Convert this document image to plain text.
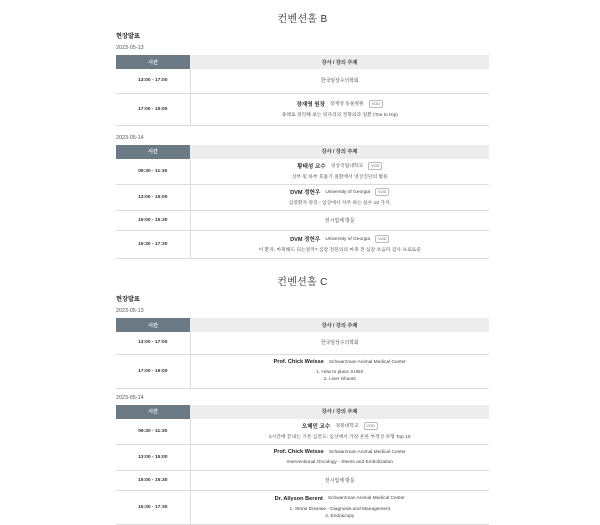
컨벤션홀 B
현장발표
2023-05-13
시간	강사 / 강의 주제
13:00 - 17:00	한국임상수의학회
17:00 - 19:00	장재영 원장 장재영 동물병원 VOD
종례로 정리해 보는 뒷다리의 정형외과 질환 (Toe to Hip)
2023-05-14
시간	강사 / 강의 주제
09:30 - 11:30	황태성 교수 경상국립대학교 VOD
상부 및 하부 호흡기 질환에서 영상진단의 활용

13:00 - 15:00	DVM 정헌우 University of Georgia VOD
심장환자 관리 - 임상에서 자주 하는 실수 10 가지.

15:00 - 15:30	전시업체 방문
15:30 - 17:30	DVM 정헌우 University of Georgia VOD
이 환자, 마취해도 되는걸까? 심장 전문의의 마취 전 심장 초음파 검사 프로토콜
컨벤션홀 C
현장발표
2023-05-13
시간	강사 / 강의 주제
13:00 - 17:00	한국임상수의학회
17:00 - 19:00	Prof. Chick Weisse Schwarzman Animal Medical Center
1. How to place SUBS
2. Liver Shunts
2023-05-14
시간	강사 / 강의 주제
09:30 - 11:30	오혜민 교수 경북대학교 VOD
2시간에 끝내는 기본 심전도: 임상에서 가장 흔한 부정상 파형 Top 10

13:00 - 15:00	Prof. Chick Weisse Schwarzman Animal Medical Center
Interventional Oncology - Stents and Embolization

15:00 - 15:30	전시업체 방문
15:30 - 17:30	Dr. Allyson Berent Schwarzman Animal Medical Center
1. Stone Disease - Diagnosis and Management
2. Endoscopy
